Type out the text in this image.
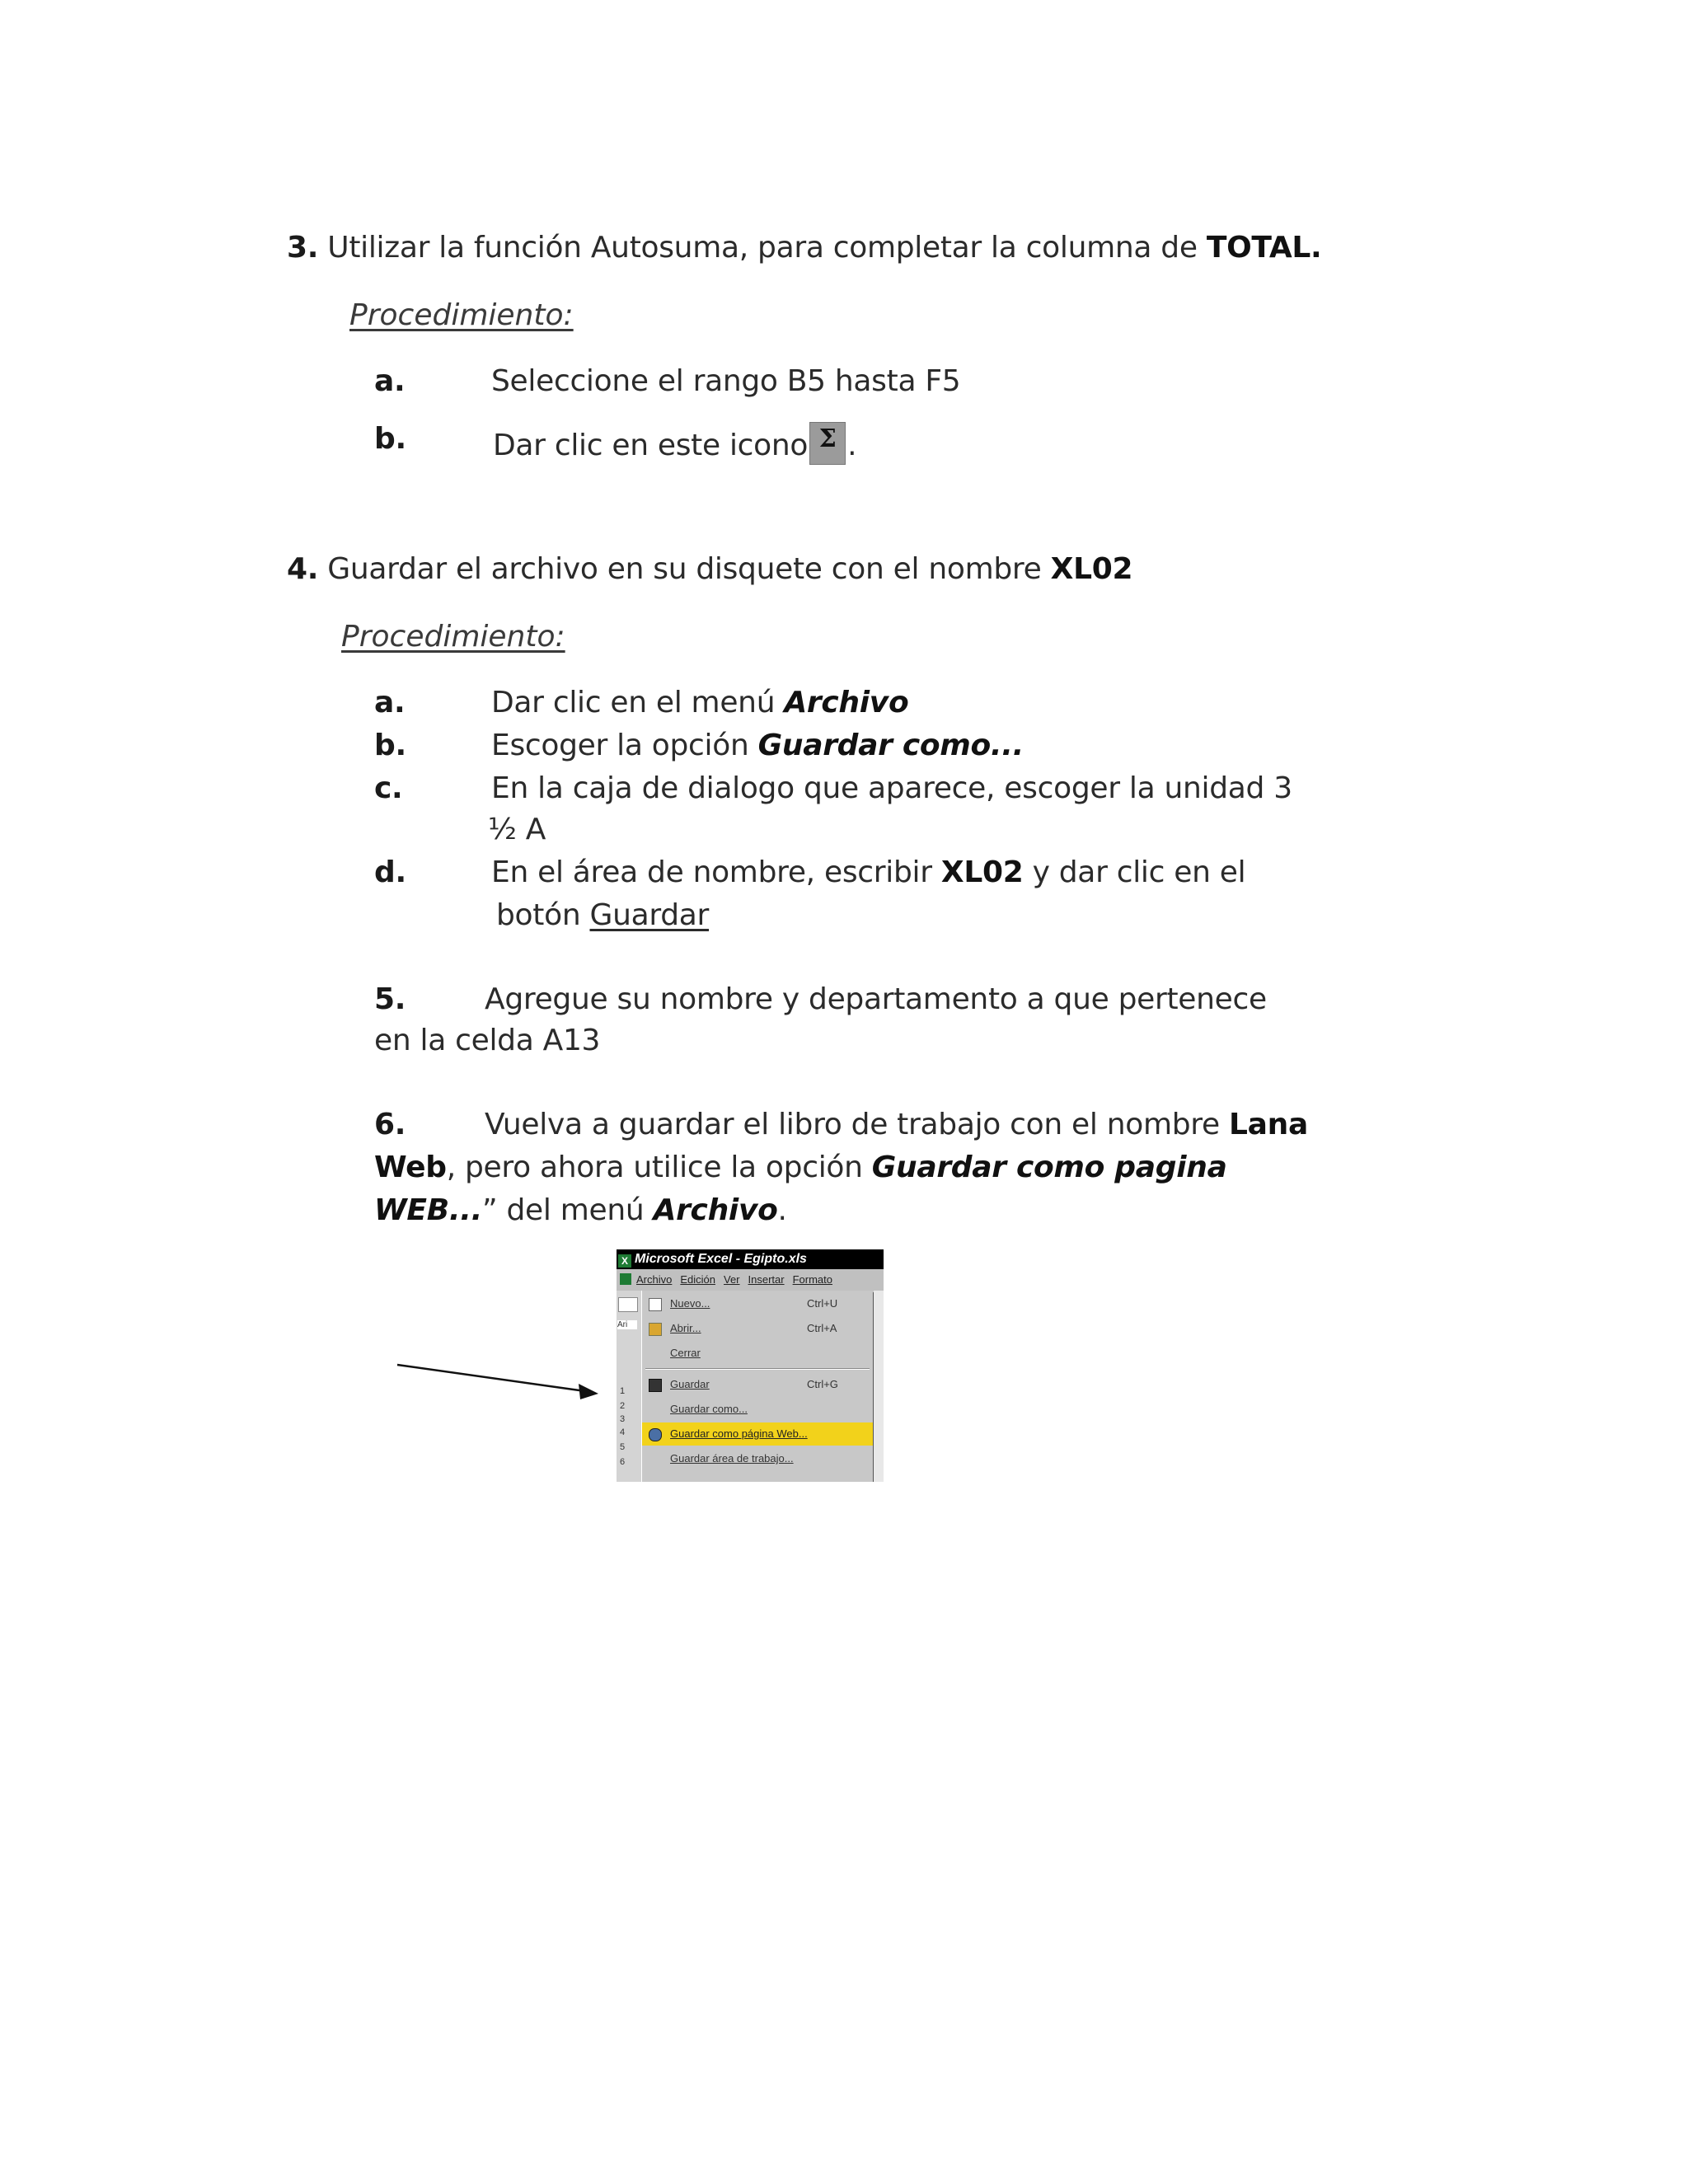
3. Utilizar la función Autosuma, para completar la columna de TOTAL.
Procedimiento:
a.	Seleccione el rango B5 hasta F5
b.	Dar clic en este icono Σ .
4. Guardar el archivo en su disquete con el nombre XL02
Procedimiento:
a.	Dar clic en el menú Archivo
b.	Escoger la opción Guardar como...
c.	En la caja de dialogo que aparece, escoger la unidad 3
½ A
d.	En el área de nombre, escribir XL02 y dar clic en el
botón Guardar
5.	Agregue su nombre y departamento a que pertenece
en la celda A13
6.	Vuelva a guardar el libro de trabajo con el nombre Lana
Web, pero ahora utilice la opción Guardar como pagina
WEB...” del menú Archivo.
X Microsoft Excel - Egipto.xls
Archivo Edición Ver Insertar Formato
Ari
1
2
3
4
5
6
Nuevo...	Ctrl+U
Abrir...	Ctrl+A
Cerrar
Guardar	Ctrl+G
Guardar como...
Guardar como página Web...
Guardar área de trabajo...
